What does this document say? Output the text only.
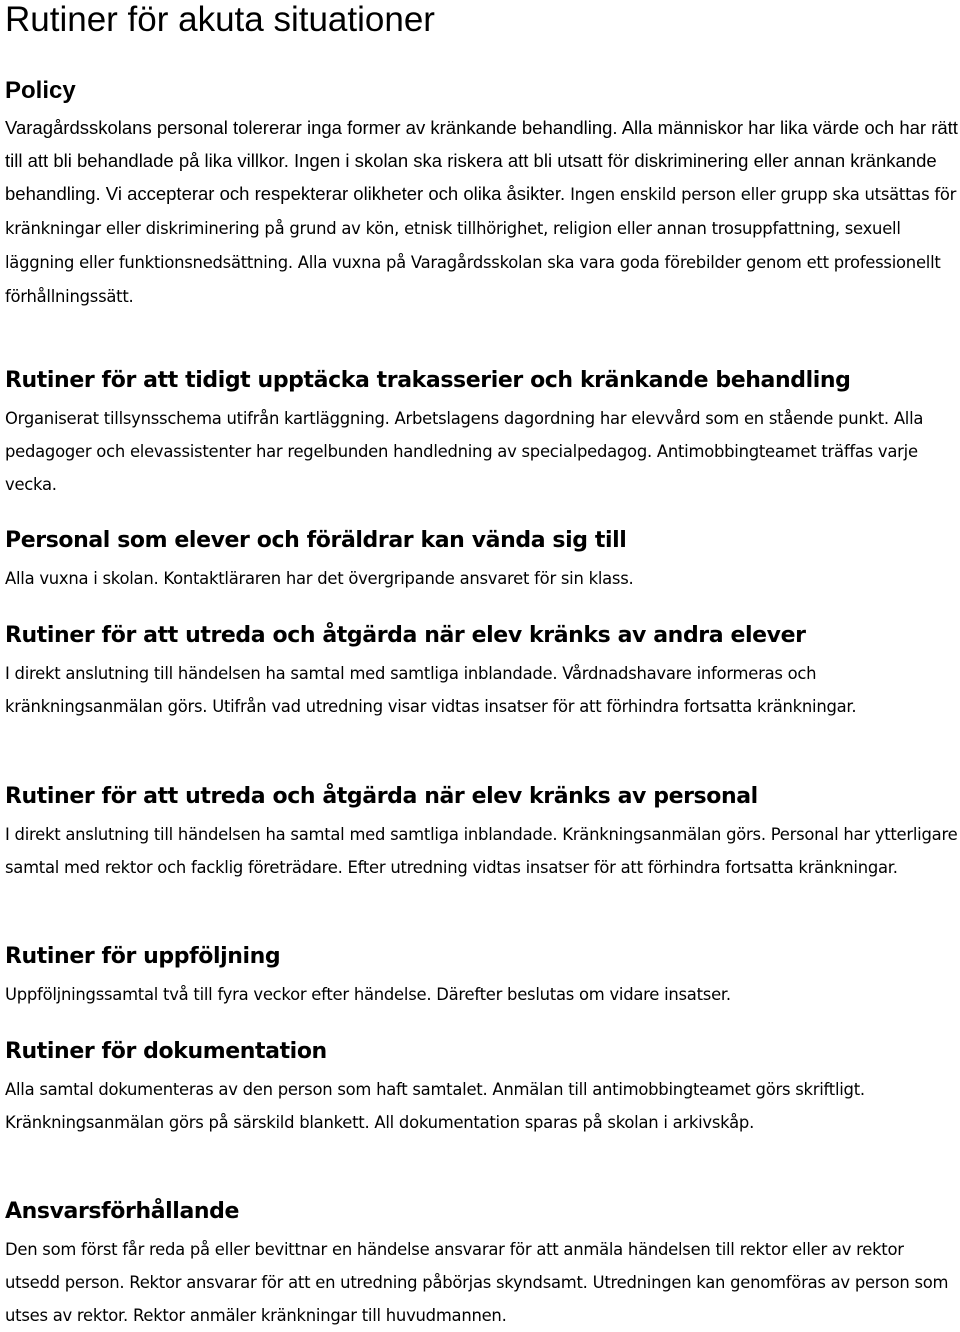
Rutiner för akuta situationer
Policy

Varagårdsskolans personal tolererar inga former av kränkande behandling. Alla människor har lika värde och har rätt till att bli behandlade på lika villkor. Ingen i skolan ska riskera att bli utsatt för diskriminering eller annan kränkande behandling. Vi accepterar och respekterar olikheter och olika åsikter. Ingen enskild person eller grupp ska utsättas för kränkningar eller diskriminering på grund av kön, etnisk tillhörighet, religion eller annan trosuppfattning, sexuell läggning eller funktionsnedsättning. Alla vuxna på Varagårdsskolan ska vara goda förebilder genom ett professionellt förhållningssätt.

Rutiner för att tidigt upptäcka trakasserier och kränkande behandling

Organiserat tillsynsschema utifrån kartläggning. Arbetslagens dagordning har elevvård som en stående punkt. Alla pedagoger och elevassistenter har regelbunden handledning av specialpedagog. Antimobbingteamet träffas varje vecka.

Personal som elever och föräldrar kan vända sig till

Alla vuxna i skolan. Kontaktläraren har det övergripande ansvaret för sin klass.

Rutiner för att utreda och åtgärda när elev kränks av andra elever

I direkt anslutning till händelsen ha samtal med samtliga inblandade. Vårdnadshavare informeras och kränkningsanmälan görs. Utifrån vad utredning visar vidtas insatser för att förhindra fortsatta kränkningar.

Rutiner för att utreda och åtgärda när elev kränks av personal

I direkt anslutning till händelsen ha samtal med samtliga inblandade. Kränkningsanmälan görs. Personal har ytterligare samtal med rektor och facklig företrädare. Efter utredning vidtas insatser för att förhindra fortsatta kränkningar.

Rutiner för uppföljning

Uppföljningssamtal två till fyra veckor efter händelse. Därefter beslutas om vidare insatser.

Rutiner för dokumentation

Alla samtal dokumenteras av den person som haft samtalet. Anmälan till antimobbingteamet görs skriftligt. Kränkningsanmälan görs på särskild blankett. All dokumentation sparas på skolan i arkivskåp.

Ansvarsförhållande

Den som först får reda på eller bevittnar en händelse ansvarar för att anmäla händelsen till rektor eller av rektor utsedd person. Rektor ansvarar för att en utredning påbörjas skyndsamt. Utredningen kan genomföras av person som utses av rektor. Rektor anmäler kränkningar till huvudmannen.
